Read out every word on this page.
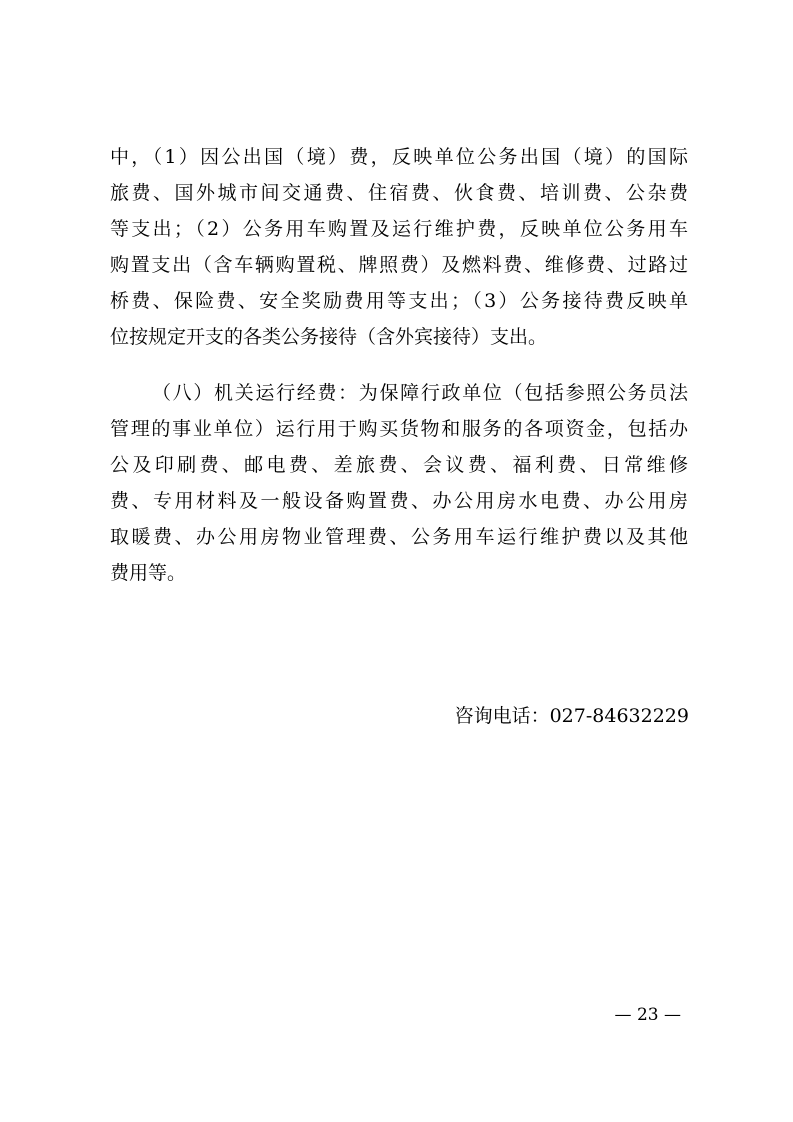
中，（1）因公出国（境）费，反映单位公务出国（境）的国际
旅费、国外城市间交通费、住宿费、伙食费、培训费、公杂费
等支出；（2）公务用车购置及运行维护费，反映单位公务用车
购置支出（含车辆购置税、牌照费）及燃料费、维修费、过路过
桥费、保险费、安全奖励费用等支出；（3）公务接待费反映单
位按规定开支的各类公务接待（含外宾接待）支出。
（八）机关运行经费：为保障行政单位（包括参照公务员法
管理的事业单位）运行用于购买货物和服务的各项资金，包括办
公及印刷费、邮电费、差旅费、会议费、福利费、日常维修
费、专用材料及一般设备购置费、办公用房水电费、办公用房
取暖费、办公用房物业管理费、公务用车运行维护费以及其他
费用等。
咨询电话：027-84632229
— 23 —
